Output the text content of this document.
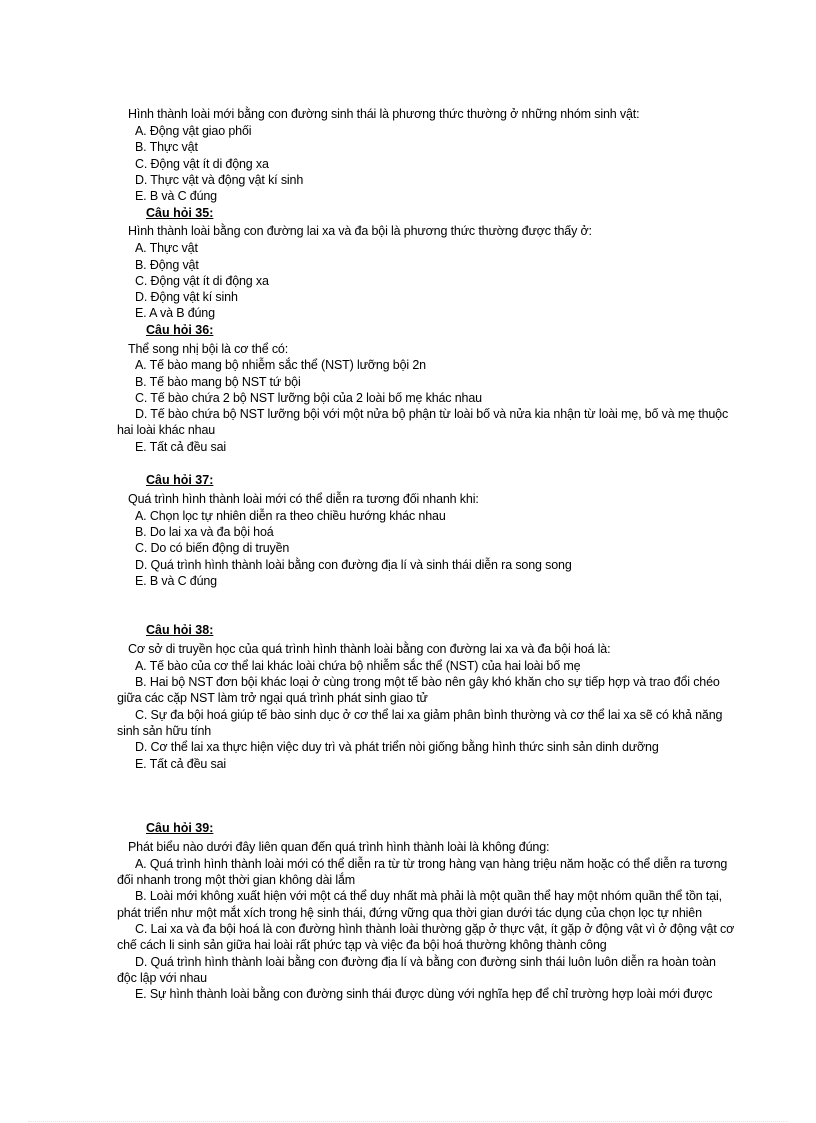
Hình thành loài mới bằng con đường sinh thái là phương thức thường ở những nhóm sinh vật:
A. Động vật giao phối
B. Thực vật
C. Động vật ít di động xa
D. Thực vật và động vật kí sinh
E. B và C đúng
Câu hỏi 35:
Hình thành loài bằng con đường lai xa và đa bội là phương thức thường được thấy ở:
A. Thực vật
B. Động vật
C. Động vật ít di động xa
D. Động vật kí sinh
E. A và B đúng
Câu hỏi 36:
Thể song nhị bội là cơ thể có:
A. Tế bào mang bộ nhiễm sắc thể (NST) lưỡng bội 2n
B. Tế bào mang bộ NST tứ bội
C. Tế bào chứa 2 bộ NST lưỡng bội của 2 loài bố mẹ khác nhau
D. Tế bào chứa bộ NST lưỡng bội với một nửa bộ phận từ loài bố và nửa kia nhận từ loài mẹ, bố và mẹ thuộc
hai loài khác nhau
E. Tất cả đều sai
Câu hỏi 37:
Quá trình hình thành loài mới có thể diễn ra tương đối nhanh khi:
A. Chọn lọc tự nhiên diễn ra theo chiều hướng khác nhau
B. Do lai xa và đa bội hoá
C. Do có biến động di truyền
D. Quá trình hình thành loài bằng con đường địa lí và sinh thái diễn ra song song
E. B và C đúng
Câu hỏi 38:
Cơ sở di truyền học của quá trình hình thành loài bằng con đường lai xa và đa bội hoá là:
A. Tế bào của cơ thể lai khác loài chứa bộ nhiễm sắc thể (NST) của hai loài bố mẹ
B. Hai bộ NST đơn bội khác loại ở cùng trong một tế bào nên gây khó khăn cho sự tiếp hợp và trao đổi chéo
giữa các cặp NST làm trở ngại quá trình phát sinh giao tử
C. Sự đa bội hoá giúp tế bào sinh dục ở cơ thể lai xa giảm phân bình thường và cơ thể lai xa sẽ có khả năng
sinh sản hữu tính
D. Cơ thể lai xa thực hiện việc duy trì và phát triển nòi giống bằng hình thức sinh sản dinh dưỡng
E. Tất cả đều sai
Câu hỏi 39:
Phát biểu nào dưới đây liên quan đến quá trình hình thành loài là không đúng:
A. Quá trình hình thành loài mới có thể diễn ra từ từ trong hàng vạn hàng triệu năm hoặc có thể diễn ra tương
đối nhanh trong một thời gian không dài lắm
B. Loài mới không xuất hiện với một cá thể duy nhất mà phải là một quần thể hay một nhóm quần thể tồn tại,
phát triển như một mắt xích trong hệ sinh thái, đứng vững qua thời gian dưới tác dụng của chọn lọc tự nhiên
C. Lai xa và đa bội hoá là con đường hình thành loài thường gặp ở thực vật, ít gặp ở động vật vì ở động vật cơ
chế cách li sinh sản giữa hai loài rất phức tạp và việc đa bội hoá thường không thành công
D. Quá trình hình thành loài bằng con đường địa lí và bằng con đường sinh thái luôn luôn diễn ra hoàn toàn
độc lập với nhau
E. Sự hình thành loài bằng con đường sinh thái được dùng với nghĩa hẹp để chỉ trường hợp loài mới được
